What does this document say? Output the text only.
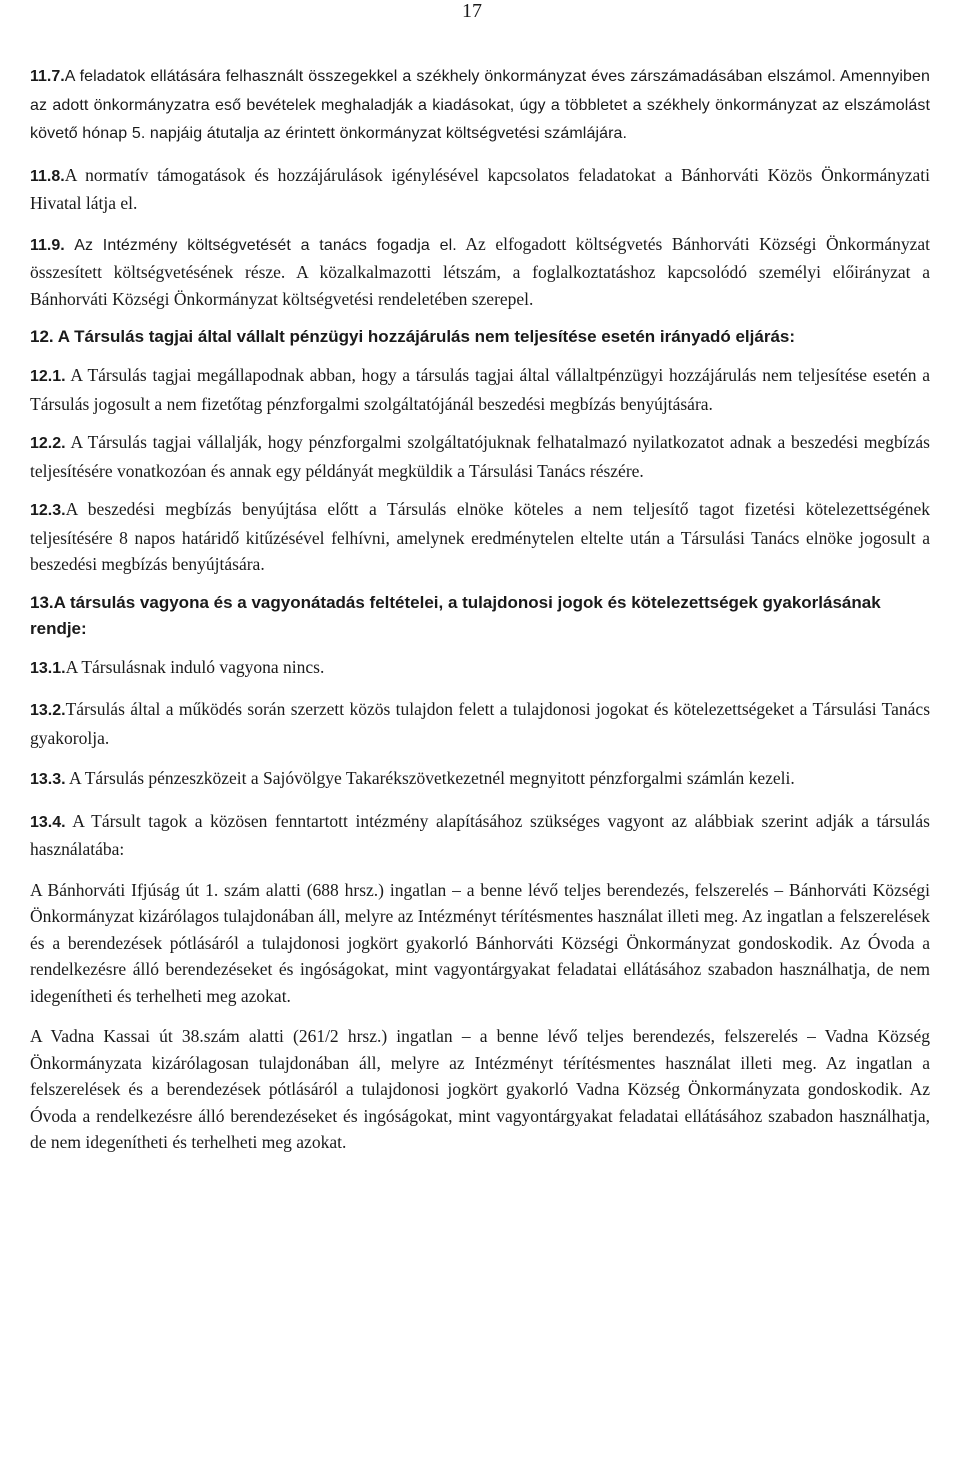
17

11.7.A feladatok ellátására felhasznált összegekkel a székhely önkormányzat éves zárszámadásában elszámol. Amennyiben az adott önkormányzatra eső bevételek meghaladják a kiadásokat, úgy a többletet a székhely önkormányzat az elszámolást követő hónap 5. napjáig átutalja az érintett önkormányzat költségvetési számlájára.

11.8.A normatív támogatások és hozzájárulások igénylésével kapcsolatos feladatokat a Bánhorváti Közös Önkormányzati Hivatal látja el.

11.9. Az Intézmény költségvetését a tanács fogadja el. Az elfogadott költségvetés Bánhorváti Községi Önkormányzat összesített költségvetésének része. A közalkalmazotti létszám, a foglalkoztatáshoz kapcsolódó személyi előirányzat a Bánhorváti Községi Önkormányzat költségvetési rendeletében szerepel.

12. A Társulás tagjai által vállalt pénzügyi hozzájárulás nem teljesítése esetén irányadó eljárás:

12.1. A Társulás tagjai megállapodnak abban, hogy a társulás tagjai által vállaltpénzügyi hozzájárulás nem teljesítése esetén a Társulás jogosult a nem fizetőtag pénzforgalmi szolgáltatójánál beszedési megbízás benyújtására.

12.2. A Társulás tagjai vállalják, hogy pénzforgalmi szolgáltatójuknak felhatalmazó nyilatkozatot adnak a beszedési megbízás teljesítésére vonatkozóan és annak egy példányát megküldik a Társulási Tanács részére.

12.3.A beszedési megbízás benyújtása előtt a Társulás elnöke köteles a nem teljesítő tagot fizetési kötelezettségének teljesítésére 8 napos határidő kitűzésével felhívni, amelynek eredménytelen eltelte után a Társulási Tanács elnöke jogosult a beszedési megbízás benyújtására.

13.A társulás vagyona és a vagyonátadás feltételei, a tulajdonosi jogok és kötelezettségek gyakorlásának rendje:

13.1.A Társulásnak induló vagyona nincs.

13.2.Társulás által a működés során szerzett közös tulajdon felett a tulajdonosi jogokat és kötelezettségeket a Társulási Tanács gyakorolja.

13.3. A Társulás pénzeszközeit a Sajóvölgye Takarékszövetkezetnél megnyitott pénzforgalmi számlán kezeli.

13.4. A Társult tagok a közösen fenntartott intézmény alapításához szükséges vagyont az alábbiak szerint adják a társulás használatába:

A Bánhorváti Ifjúság út 1. szám alatti (688 hrsz.) ingatlan – a benne lévő teljes berendezés, felszerelés – Bánhorváti Községi Önkormányzat kizárólagos tulajdonában áll, melyre az Intézményt térítésmentes használat illeti meg. Az ingatlan a felszerelések és a berendezések pótlásáról a tulajdonosi jogkört gyakorló Bánhorváti Községi Önkormányzat gondoskodik. Az Óvoda a rendelkezésre álló berendezéseket és ingóságokat, mint vagyontárgyakat feladatai ellátásához szabadon használhatja, de nem idegenítheti és terhelheti meg azokat.

A Vadna Kassai út 38.szám alatti (261/2 hrsz.) ingatlan – a benne lévő teljes berendezés, felszerelés – Vadna Község Önkormányzata kizárólagosan tulajdonában áll, melyre az Intézményt térítésmentes használat illeti meg. Az ingatlan a felszerelések és a berendezések pótlásáról a tulajdonosi jogkört gyakorló Vadna Község Önkormányzata gondoskodik. Az Óvoda a rendelkezésre álló berendezéseket és ingóságokat, mint vagyontárgyakat feladatai ellátásához szabadon használhatja, de nem idegenítheti és terhelheti meg azokat.
